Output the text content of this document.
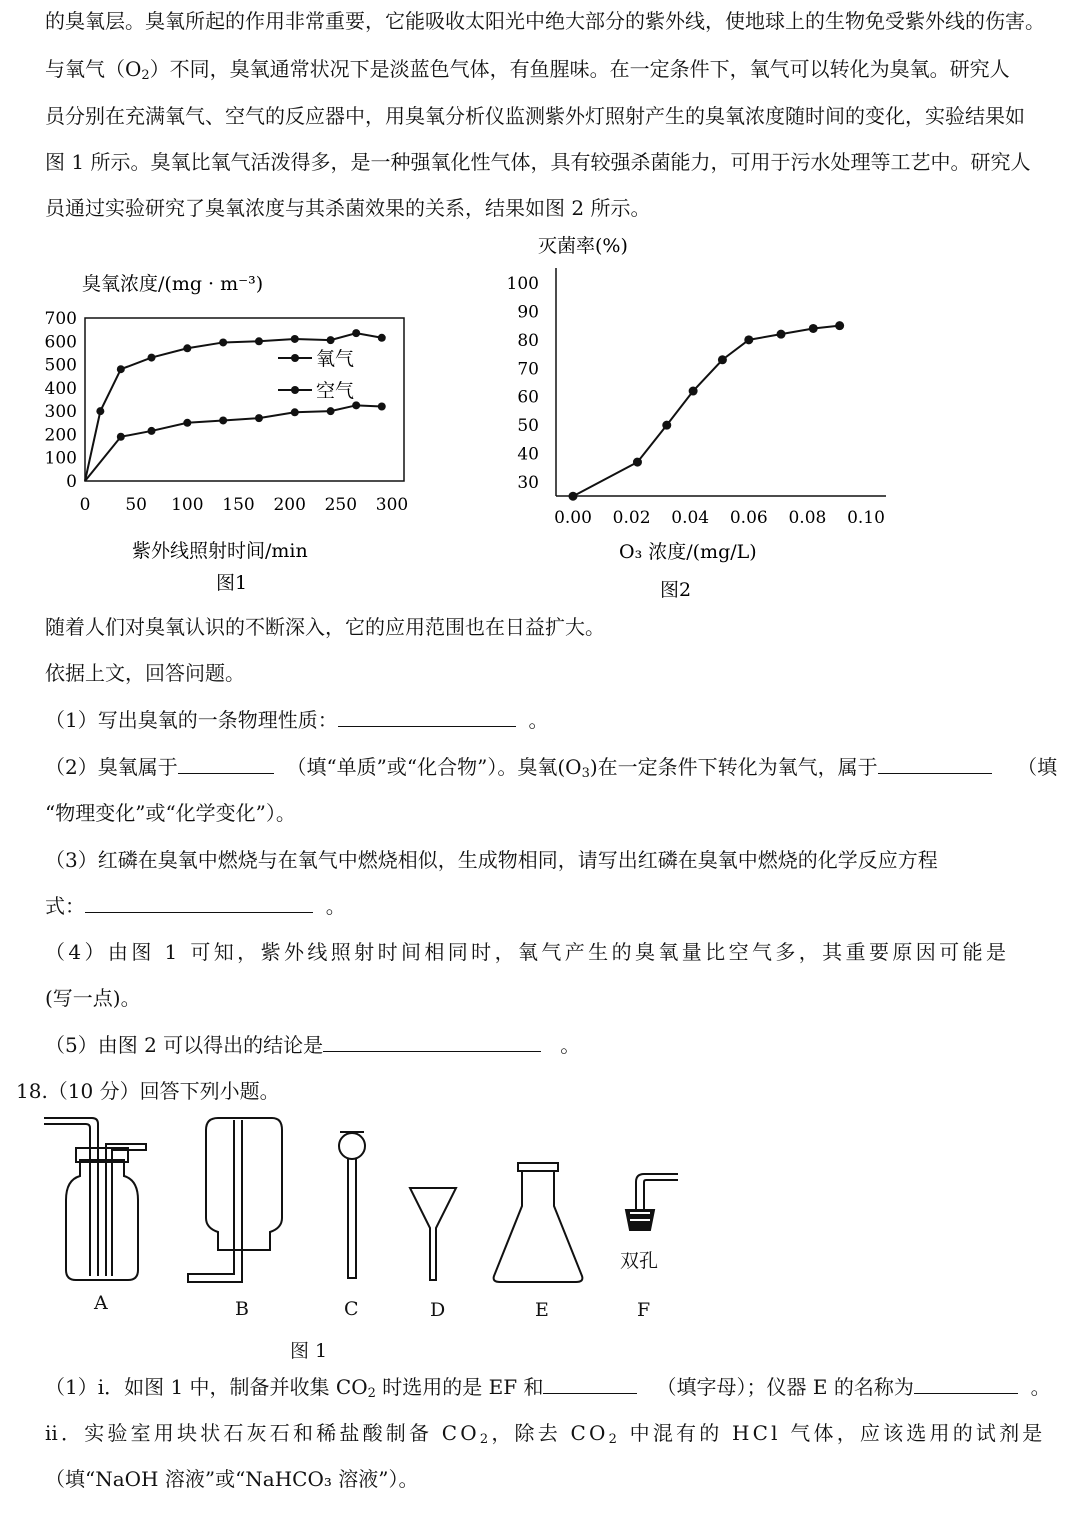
的臭氧层。臭氧所起的作用非常重要，它能吸收太阳光中绝大部分的紫外线，使地球上的生物免受紫外线的伤害。
与氧气$(O_2)$不同，臭氧通常状况下是淡蓝色气体，有鱼腥味。在一定条件下，氧气可以转化为臭氧。研究人
员分别在充满氧气、空气的反应器中，用臭氧分析仪监测紫外灯照射产生的臭氧浓度随时间的变化，实验结果如
图 1 所示。臭氧比氧气活泼得多，是一种强氧化性气体，具有较强杀菌能力，可用于污水处理等工艺中。研究人
员通过实验研究了臭氧浓度与其杀菌效果的关系，结果如图 2 所示。
臭氧浓度/(mg · m⁻³)
0
100
200
300
400
500
600
700
0 50 100 150 200 250 300
氧气
空气
紫外线照射时间/min
图1
灭菌率(%)
30
40
50
60
70
80
90
100
0.00 0.02 0.04 0.06 0.08 0.10
O₃ 浓度/(mg/L)
图2
随着人们对臭氧认识的不断深入，它的应用范围也在日益扩大。
依据上文，回答问题。
（1）写出臭氧的一条物理性质：	。
（2）臭氧属于	（填“单质”或“化合物”）。臭氧$(O_3)$在一定条件下转化为氧气，属于	（填
“物理变化”或“化学变化”）。
（3）红磷在臭氧中燃烧与在氧气中燃烧相似，生成物相同，请写出红磷在臭氧中燃烧的化学反应方程
式：	。
（4）由图 1 可知，紫外线照射时间相同时，氧气产生的臭氧量比空气多，其重要原因可能是
(写一点)。
（5）由图 2 可以得出的结论是	。
18.（10 分）回答下列小题。
双孔
A	B	C	D	E	F
图 1
（1）ⅰ．如图 1 中，制备并收集 $CO_2$ 时选用的是 EF 和	（填字母）；仪器 E 的名称为	。
ⅱ．实验室用块状石灰石和稀盐酸制备 $CO_2$，除去 $CO_2$ 中混有的 HCl 气体，应该选用的试剂是
（填“NaOH 溶液”或“NaHCO₃ 溶液”）。
